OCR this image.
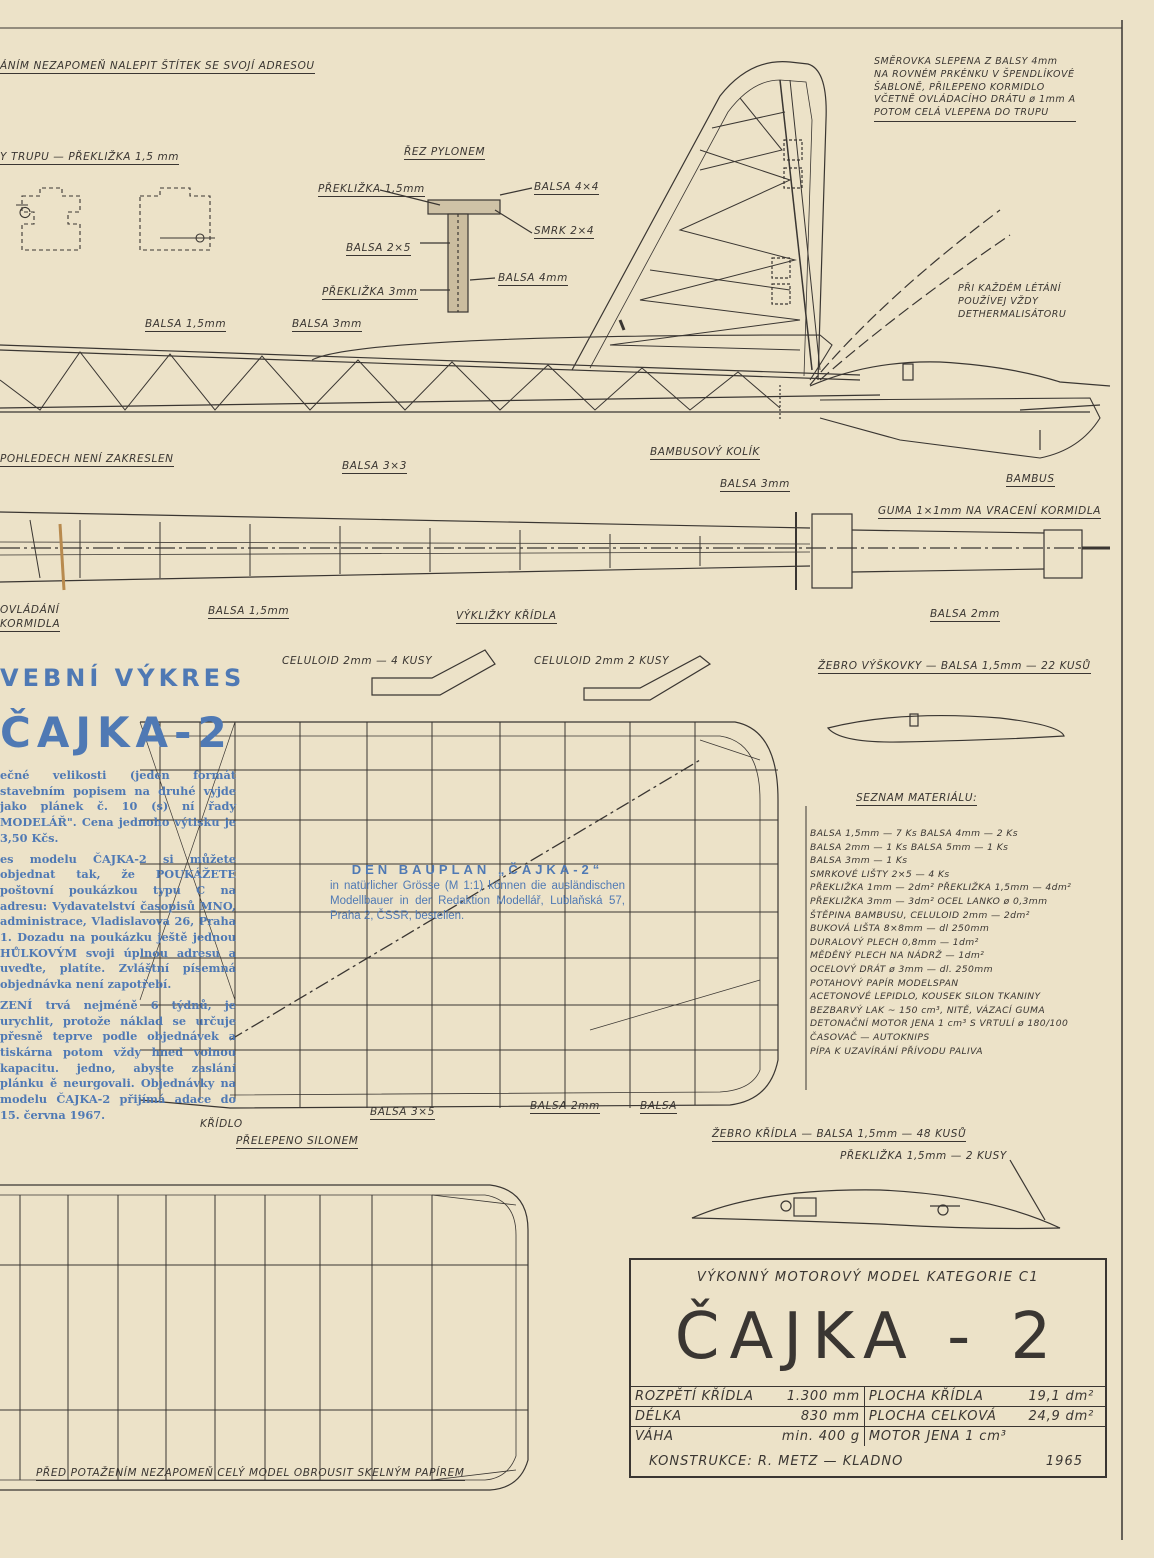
ÁNÍM NEZAPOMEŇ NALEPIT ŠTÍTEK SE SVOJÍ ADRESOU
Y TRUPU — PŘEKLIŽKA 1,5 mm	ŘEZ PYLONEM
PŘEKLIŽKA 1,5mm	BALSA 4×4
SMRK 2×4
BALSA 2×5
BALSA 4mm
PŘEKLIŽKA 3mm
BALSA 1,5mm	BALSA 3mm
POHLEDECH NENÍ ZAKRESLEN
BALSA 3×3
BAMBUSOVÝ KOLÍK
BAMBUS
BALSA 3mm
GUMA 1×1mm NA VRACENÍ KORMIDLA
OVLÁDÁNÍ
KORMIDLA
BALSA 1,5mm	VÝKLIŽKY KŘÍDLA	BALSA 2mm
CELULOID 2mm — 4 KUSY	CELULOID 2mm 2 KUSY	ŽEBRO VÝŠKOVKY — BALSA 1,5mm — 22 KUSŮ
BALSA 3×5	BALSA 2mm	BALSA
PŘELEPENO SILONEM
KŘÍDLO
ŽEBRO KŘÍDLA — BALSA 1,5mm — 48 KUSŮ
PŘEKLIŽKA 1,5mm — 2 KUSY
PŘED POTAŽENÍM NEZAPOMEŇ CELÝ MODEL OBROUSIT SKELNÝM PAPÍREM
SMĚROVKA SLEPENA Z BALSY 4mm
NA ROVNÉM PRKÉNKU V ŠPENDLÍKOVÉ
ŠABLONĚ, PŘILEPENO KORMIDLO
VČETNĚ OVLÁDACÍHO DRÁTU ø 1mm A
POTOM CELÁ VLEPENA DO TRUPU
PŘI KAŽDÉM LÉTÁNÍ
POUŽÍVEJ VŽDY
DETHERMALISÁTORU
SEZNAM MATERIÁLU:
BALSA 1,5mm — 7 Ks BALSA 4mm — 2 Ks
BALSA 2mm — 1 Ks BALSA 5mm — 1 Ks
BALSA 3mm — 1 Ks
SMRKOVÉ LIŠTY 2×5 — 4 Ks
PŘEKLIŽKA 1mm — 2dm² PŘEKLIŽKA 1,5mm — 4dm²
PŘEKLIŽKA 3mm — 3dm² OCEL LANKO ø 0,3mm
ŠTĚPINA BAMBUSU, CELULOID 2mm — 2dm²
BUKOVÁ LIŠTA 8×8mm — dl 250mm
DURALOVÝ PLECH 0,8mm — 1dm²
MĚDĚNÝ PLECH NA NÁDRŽ — 1dm²
OCELOVÝ DRÁT ø 3mm — dl. 250mm
POTAHOVÝ PAPÍR MODELSPAN
ACETONOVÉ LEPIDLO, KOUSEK SILON TKANINY
BEZBARVÝ LAK ~ 150 cm³, NITĚ, VÁZACÍ GUMA
DETONAČNÍ MOTOR JENA 1 cm³ S VRTULÍ ø 180/100
ČASOVAČ — AUTOKNIPS
PÍPA K UZAVÍRÁNÍ PŘÍVODU PALIVA
VEBNÍ VÝKRES
ČAJKA-2

ečné velikosti (jeden formát stavebním popisem na druhé vyjde jako plánek č. 10 (s) ní řady MODELÁŘ". Cena jednoho výtisku je 3,50 Kčs.

es modelu ČAJKA-2 si můžete objednat tak, že POUKÁŽETE poštovní poukázkou typu C na adresu: Vydavatelství časopisů MNO, administrace, Vladislavova 26, Praha 1. Dozadu na poukázku ještě jednou HŮLKOVÝM svoji úplnou adresu a uveďte, platíte. Zvláštní písemná objednávka není zapotřebí.

ZENÍ trvá nejméně 6 týdnů, je urychlit, protože náklad se určuje přesně teprve podle objednávek a tiskárna potom vždy hned volnou kapacitu. jedno, abyste zaslání plánku ě neurgovali. Objednávky na modelu ČAJKA-2 přijímá adace do 15. června 1967.

DEN BAUPLAN „ČAJKA-2“
in natürlicher Grösse (M 1:1) können die ausländischen Modellbauer in der Redaktion Modellář, Lublaňská 57, Praha 2, ČSSR, bestellen.
VÝKONNÝ MOTOROVÝ MODEL KATEGORIE C1
ČAJKA - 2
ROZPĚTÍ KŘÍDLA	1.300 mm	PLOCHA KŘÍDLA	19,1 dm²
DÉLKA	830 mm	PLOCHA CELKOVÁ	24,9 dm²
VÁHA	min. 400 g	MOTOR JENA 1 cm³	
KONSTRUKCE: R. METZ — KLADNO	1965
